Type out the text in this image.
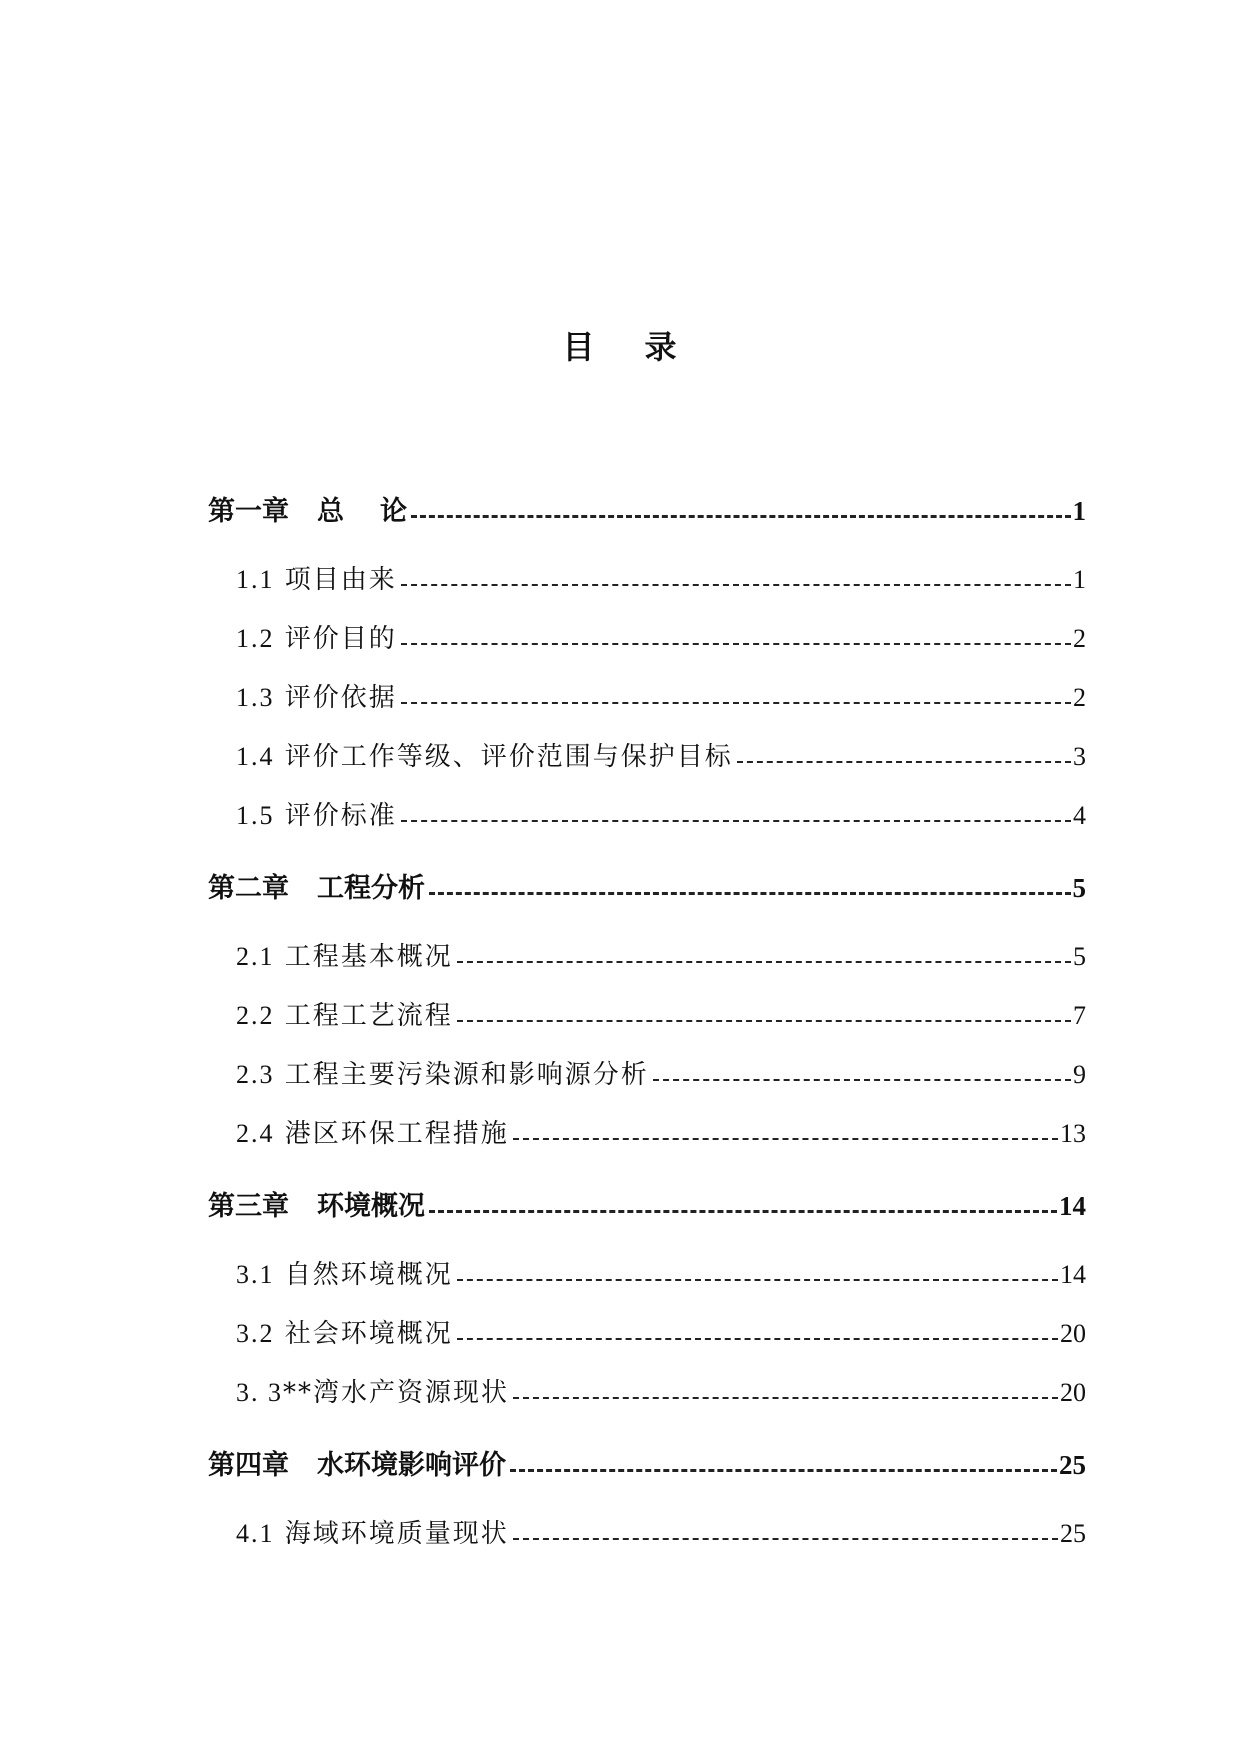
目 录
第一章 总 论	1
1.1 项目由来	1
1.2 评价目的	2
1.3 评价依据	2
1.4 评价工作等级、评价范围与保护目标	3
1.5 评价标准	4
第二章 工程分析	5
2.1 工程基本概况	5
2.2 工程工艺流程	7
2.3 工程主要污染源和影响源分析	9
2.4 港区环保工程措施	13
第三章 环境概况	14
3.1 自然环境概况	14
3.2 社会环境概况	20
3. 3**湾水产资源现状	20
第四章 水环境影响评价	25
4.1 海域环境质量现状	25
